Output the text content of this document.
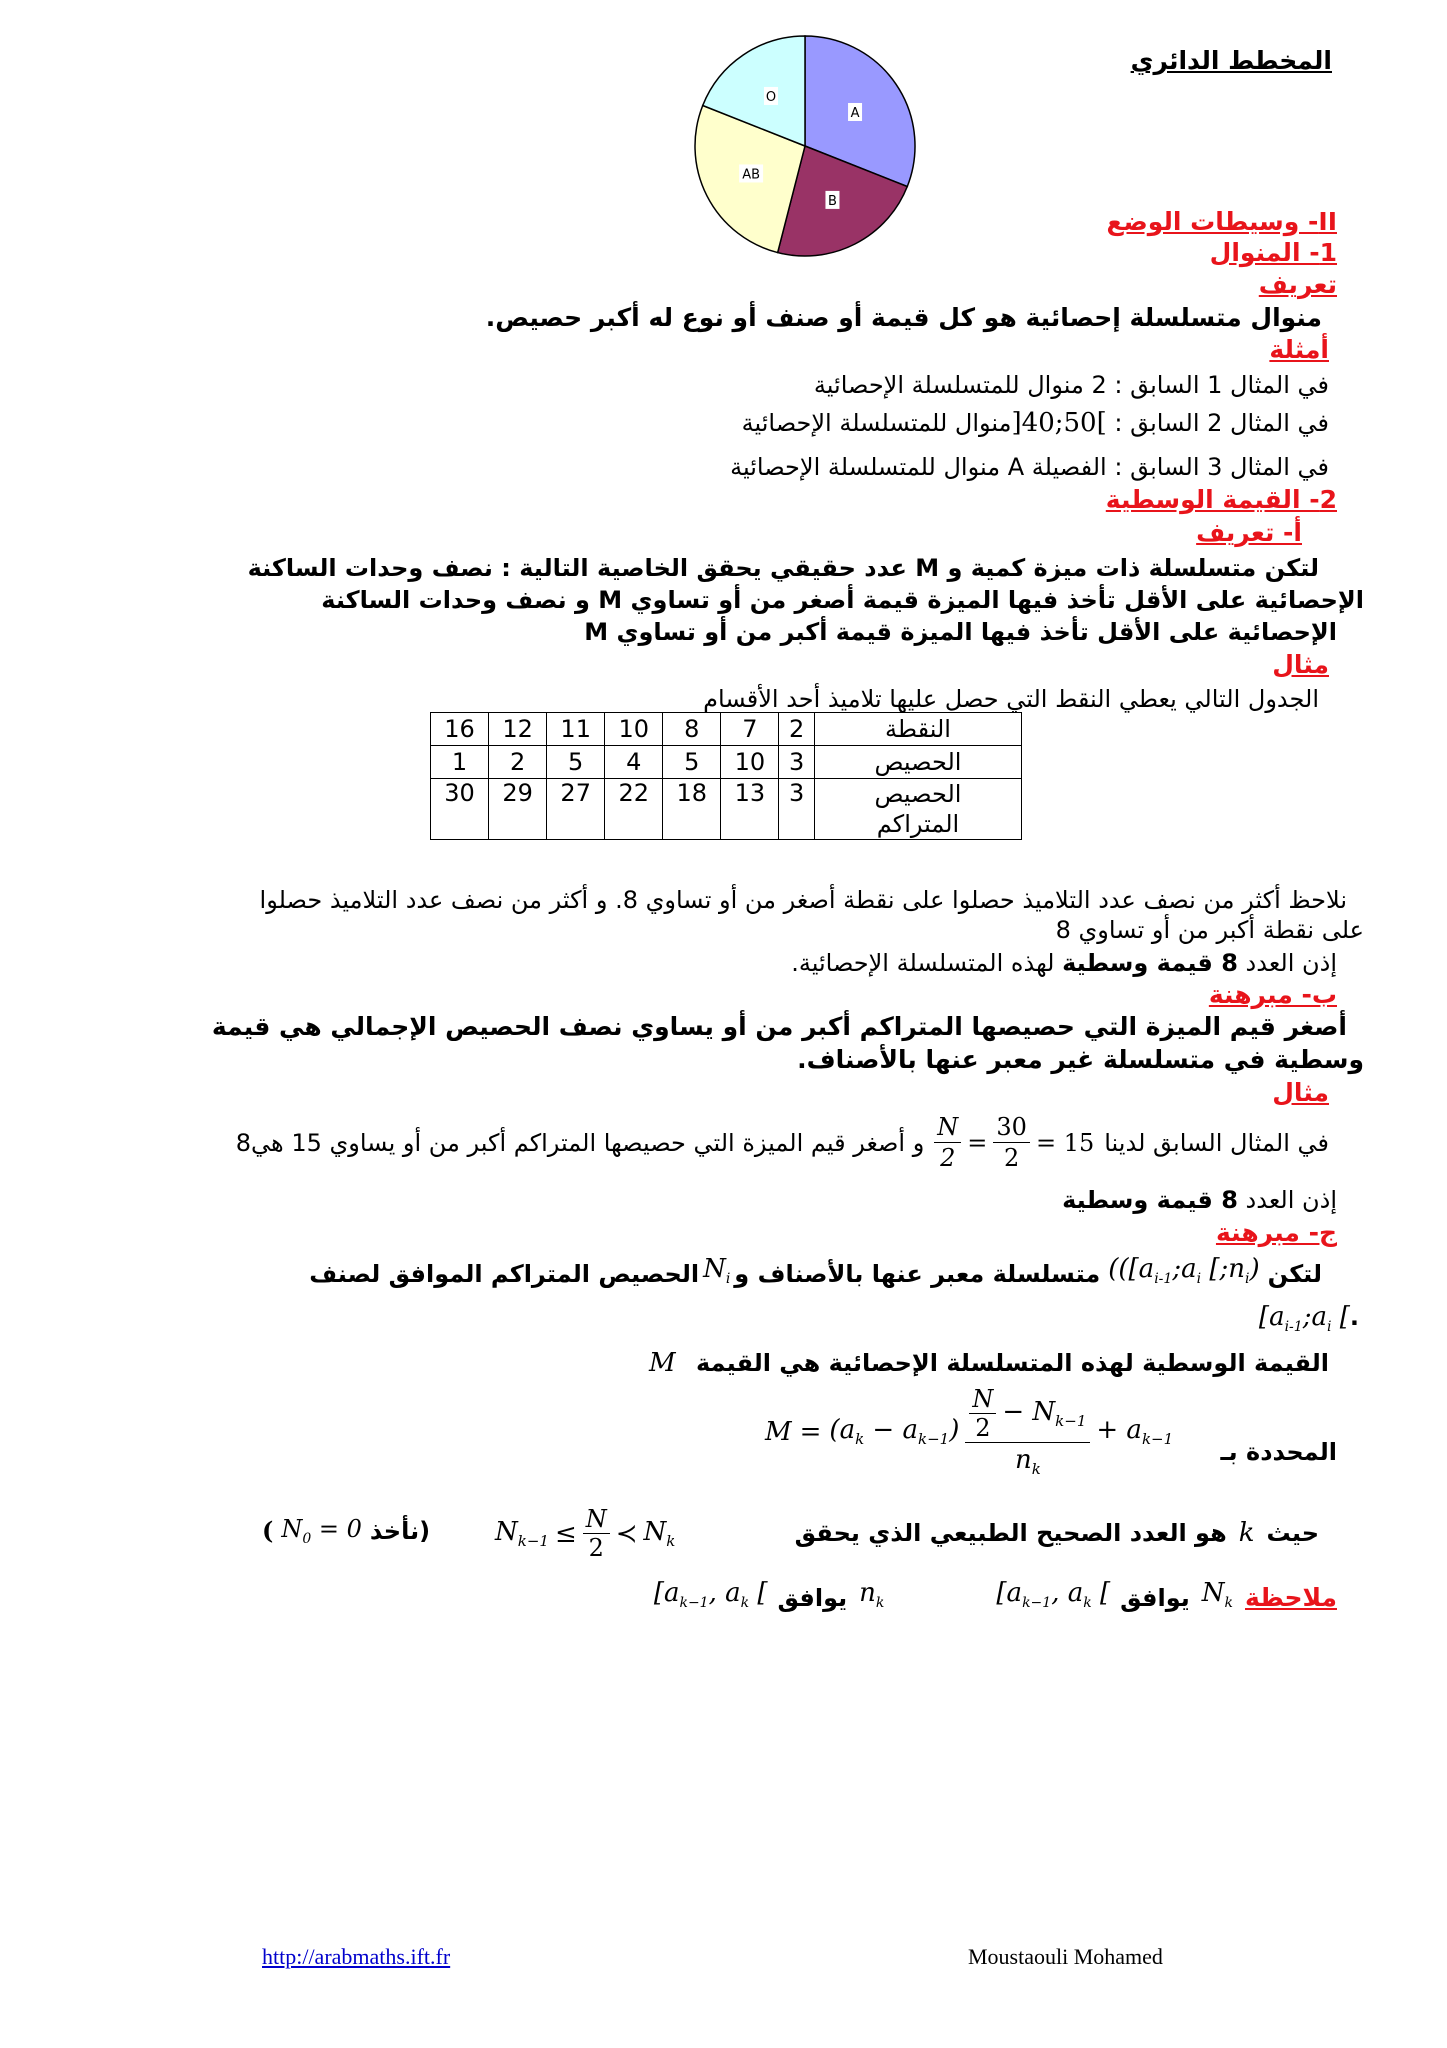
A
B
AB
O
المخطط الدائري
II- وسيطات الوضع
1- المنوال
تعريف
منوال متسلسلة إحصائية هو كل قيمة أو صنف أو نوع له أكبر حصيص.
أمثلة
في المثال 1 السابق : 2 منوال للمتسلسلة الإحصائية
في المثال 2 السابق : ]40;50[منوال للمتسلسلة الإحصائية
في المثال 3 السابق : الفصيلة A منوال للمتسلسلة الإحصائية
2- القيمة الوسطية
أ- تعريف
لتكن متسلسلة ذات ميزة كمية و M عدد حقيقي يحقق الخاصية التالية : نصف وحدات الساكنة
الإحصائية على الأقل تأخذ فيها الميزة قيمة أصغر من أو تساوي M و نصف وحدات الساكنة
الإحصائية على الأقل تأخذ فيها الميزة قيمة أكبر من أو تساوي M
مثال
الجدول التالي يعطي النقط التي حصل عليها تلاميذ أحد الأقسام
النقطة	2	7	8	10	11	12	16
الحصيص	3	10	5	4	5	2	1

الحصيص
المتراكم	3	13	18	22	27	29	30
نلاحظ أكثر من نصف عدد التلاميذ حصلوا على نقطة أصغر من أو تساوي 8. و أكثر من نصف عدد التلاميذ حصلوا
على نقطة أكبر من أو تساوي 8
إذن العدد 8 قيمة وسطية لهذه المتسلسلة الإحصائية.
ب- مبرهنة
أصغر قيم الميزة التي حصيصها المتراكم أكبر من أو يساوي نصف الحصيص الإجمالي هي قيمة
وسطية في متسلسلة غير معبر عنها بالأصناف.
مثال
في المثال السابق لدينا
$\frac{N}{2} = \frac{30}{2} = 15$
و أصغر قيم الميزة التي حصيصها المتراكم أكبر من أو يساوي 15 هي8
إذن العدد 8 قيمة وسطية
ج- مبرهنة
لتكن
(([$a_{i-1};a_i$ $[;n_i)$
متسلسلة معبر عنها بالأصناف و
$N_i$
الحصيص المتراكم الموافق لصنف
$.[a_{i-1};a_i$ [
القيمة الوسطية لهذه المتسلسلة الإحصائية هي القيمة M
$M = (a_k - a_{k-1}) \frac{N}{2} - N_{k-1}$
$n_k$
+ $a_{k-1}$ المحددة بـ
حيث
k
هو العدد الصحيح الطبيعي الذي يحقق
$N_{k-1} \le \frac{N}{2}$ ≺ $N_k$
( $N_0 = 0$ (نأخذ
ملاحظة
$N_k$
يوافق
[$a_{k-1}$, $a_k$ [
$n_k$
يوافق
[$a_{k-1}$, $a_k$ [
http://arabmaths.ift.fr	Moustaouli Mohamed
